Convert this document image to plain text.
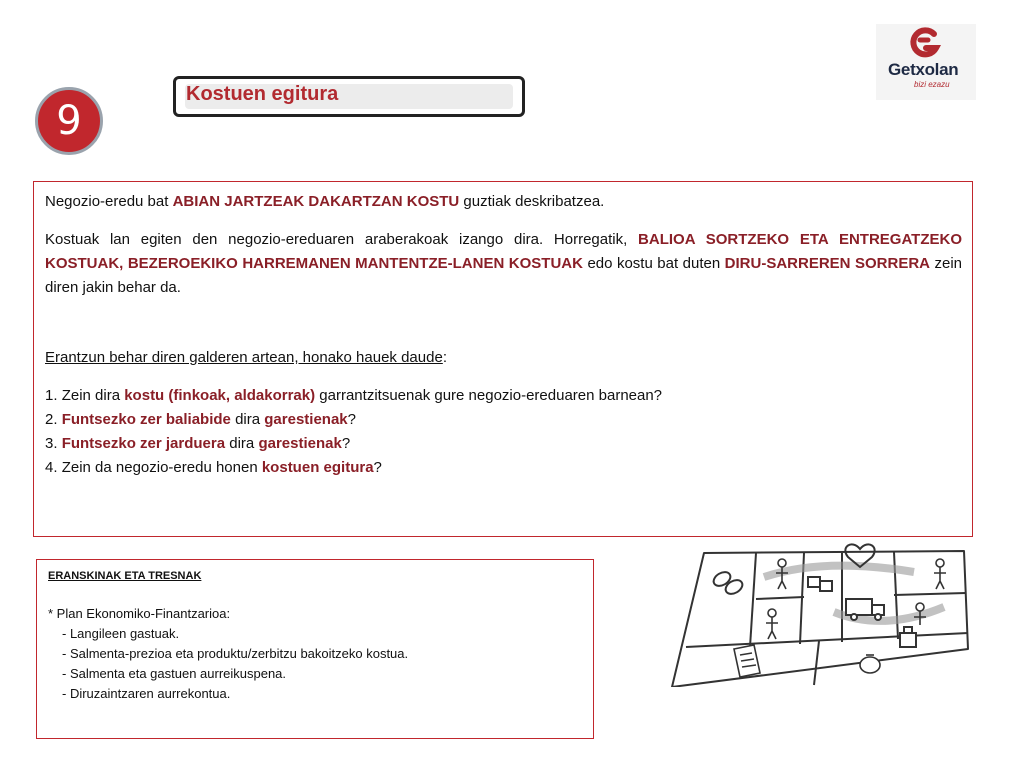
9
Kostuen egitura
Getxolan
bizi ezazu

Negozio-eredu bat ABIAN JARTZEAK DAKARTZAN KOSTU guztiak deskribatzea.

Kostuak lan egiten den negozio-ereduaren araberakoak izango dira. Horregatik, BALIOA SORTZEKO ETA ENTREGATZEKO KOSTUAK, BEZEROEKIKO HARREMANEN MANTENTZE-LANEN KOSTUAK edo kostu bat duten DIRU-SARREREN SORRERA zein diren jakin behar da.

Erantzun behar diren galderen artean, honako hauek daude:

1. Zein dira kostu (finkoak, aldakorrak) garrantzitsuenak gure negozio-ereduaren barnean?

2. Funtsezko zer baliabide dira garestienak?

3. Funtsezko zer jarduera dira garestienak?

4. Zein da negozio-eredu honen kostuen egitura?

ERANSKINAK ETA TRESNAK
* Plan Ekonomiko-Finantzarioa:
- Langileen gastuak.
- Salmenta-prezioa eta produktu/zerbitzu bakoitzeko kostua.
- Salmenta eta gastuen aurreikuspena.
- Diruzaintzaren aurrekontua.
